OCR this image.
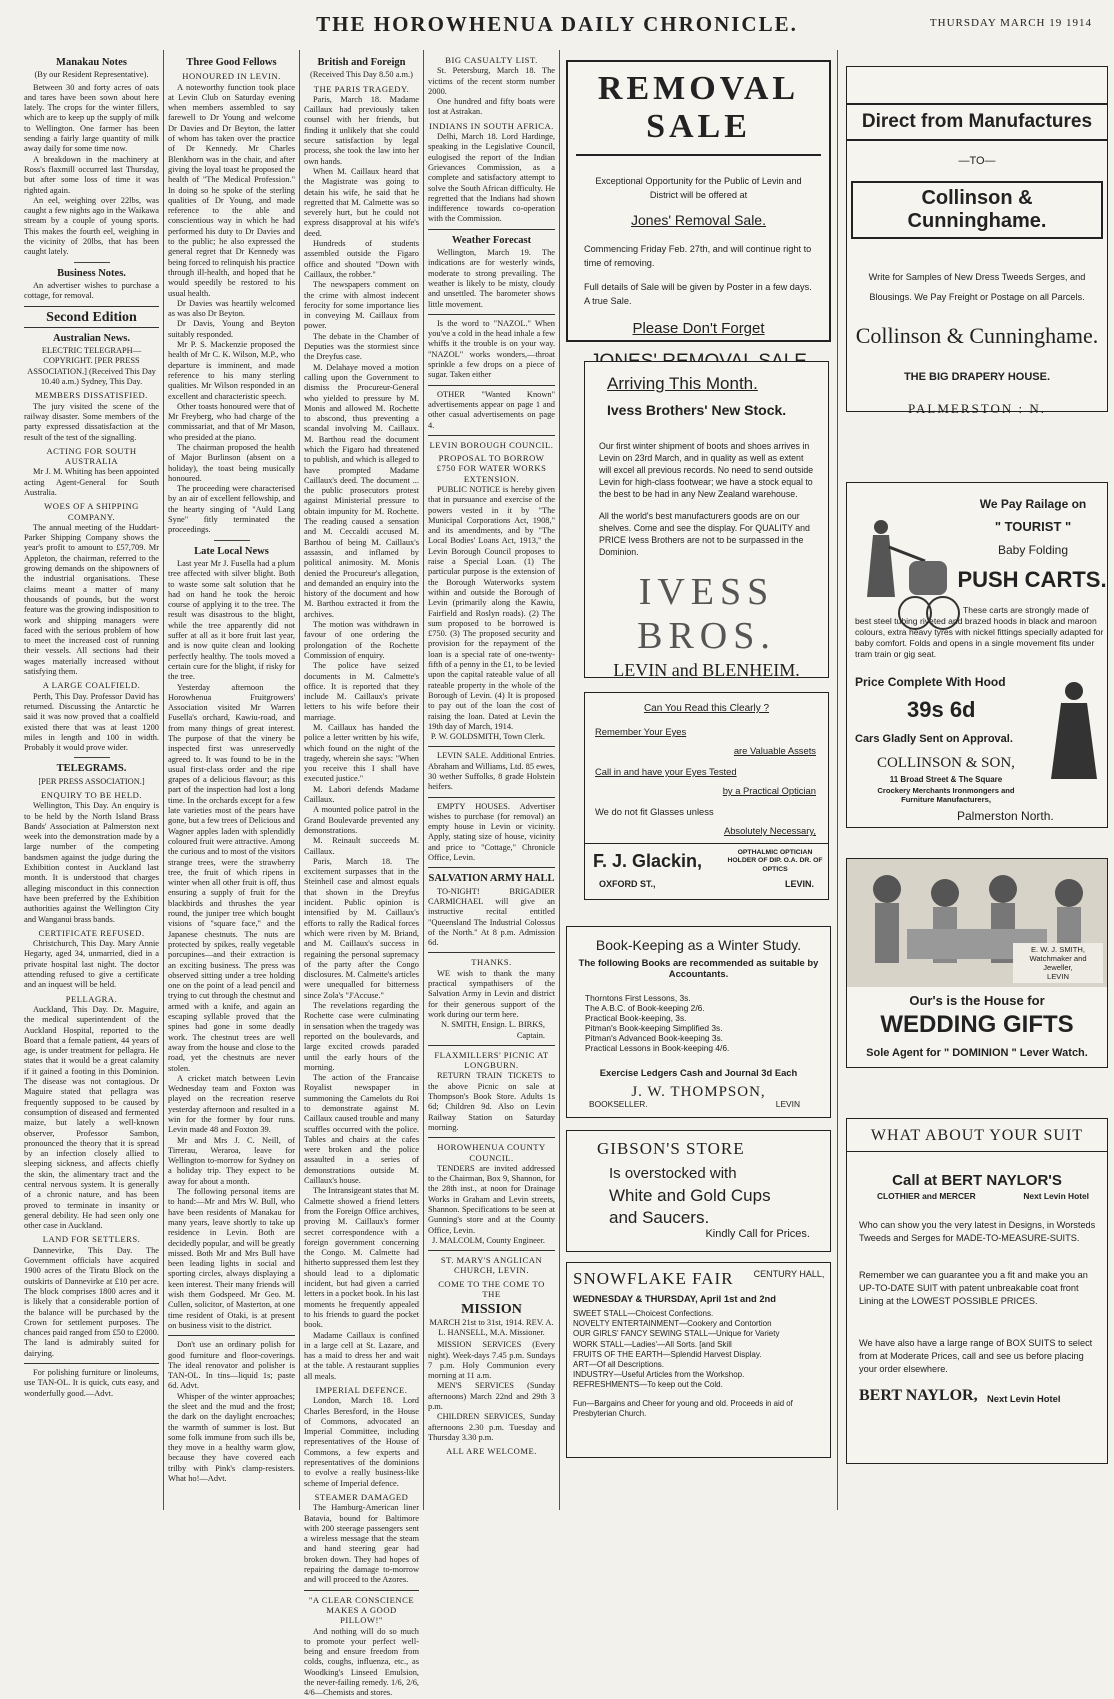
THE HOROWHENUA DAILY CHRONICLE.	THURSDAY MARCH 19 1914
Manakau Notes
(By our Resident Representative).

Between 30 and forty acres of oats and tares have been sown about here lately. The crops for the winter fillers, which are to keep up the supply of milk to Wellington. One farmer has been sending a fairly large quantity of milk away daily for some time now.

A breakdown in the machinery at Ross's flaxmill occurred last Thursday, but after some loss of time it was righted again.

An eel, weighing over 22lbs, was caught a few nights ago in the Waikawa stream by a couple of young sports. This makes the fourth eel, weighing in the vicinity of 20lbs, that has been caught lately.

Business Notes.

An advertiser wishes to purchase a cottage, for removal.

Second Edition
Australian News.

ELECTRIC TELEGRAPH—COPYRIGHT. [PER PRESS ASSOCIATION.] (Received This Day 10.40 a.m.) Sydney, This Day.

MEMBERS DISSATISFIED.

The jury visited the scene of the railway disaster. Some members of the party expressed dissatisfaction at the result of the test of the signalling.

ACTING FOR SOUTH AUSTRALIA

Mr J. M. Whiting has been appointed acting Agent-General for South Australia.

WOES OF A SHIPPING COMPANY.

The annual meeting of the Huddart-Parker Shipping Company shows the year's profit to amount to £57,709. Mr Appleton, the chairman, referred to the growing demands on the shipowners of the industrial organisations. These claims meant a matter of many thousands of pounds, but the worst feature was the growing indisposition to work and shipping managers were faced with the serious problem of how to meet the increased cost of running their vessels. All sections had their wages materially increased without satisfying them.

A LARGE COALFIELD.

Perth, This Day. Professor David has returned. Discussing the Antarctic he said it was now proved that a coalfield existed there that was at least 1200 miles in length and 100 in width. Probably it would prove wider.

TELEGRAMS.
[PER PRESS ASSOCIATION.]
ENQUIRY TO BE HELD.

Wellington, This Day. An enquiry is to be held by the North Island Brass Bands' Association at Palmerston next week into the demonstration made by a large number of the competing bandsmen against the judge during the Exhibition contest in Auckland last month. It is understood that charges alleging misconduct in this connection have been preferred by the Exhibition authorities against the Wellington City and Wanganui brass bands.

CERTIFICATE REFUSED.

Christchurch, This Day. Mary Annie Hegarty, aged 34, unmarried, died in a private hospital last night. The doctor attending refused to give a certificate and an inquest will be held.

PELLAGRA.

Auckland, This Day. Dr. Maguire, the medical superintendent of the Auckland Hospital, reported to the Board that a female patient, 44 years of age, is under treatment for pellagra. He states that it would be a great calamity if it gained a footing in this Dominion. The disease was not contagious. Dr Maguire stated that pellagra was frequently supposed to be caused by consumption of diseased and fermented maize, but lately a well-known observer, Professor Sambon, pronounced the theory that it is spread by an infection closely allied to sleeping sickness, and affects chiefly the skin, the alimentary tract and the central nervous system. It is generally of a chronic nature, and has been proved to terminate in insanity or general debility. He had seen only one other case in Auckland.

LAND FOR SETTLERS.

Dannevirke, This Day. The Government officials have acquired 1900 acres of the Tiratu Block on the outskirts of Dannevirke at £10 per acre. The block comprises 1800 acres and it is likely that a considerable portion of the balance will be purchased by the Crown for settlement purposes. The chances paid ranged from £50 to £2000. The land is admirably suited for dairying.

For polishing furniture or linoleums, use TAN-OL. It is quick, cuts easy, and wonderfully good.—Advt.

Three Good Fellows
HONOURED IN LEVIN.

A noteworthy function took place at Levin Club on Saturday evening when members assembled to say farewell to Dr Young and welcome Dr Davies and Dr Beyton, the latter of whom has taken over the practice of Dr Kennedy. Mr Charles Blenkhorn was in the chair, and after giving the loyal toast he proposed the health of "The Medical Profession." In doing so he spoke of the sterling qualities of Dr Young, and made reference to the able and conscientious way in which he had performed his duty to Dr Davies and to the public; he also expressed the general regret that Dr Kennedy was being forced to relinquish his practice through ill-health, and hoped that he would speedily be restored to his usual health.

Dr Davies was heartily welcomed as was also Dr Beyton.

Dr Davis, Young and Beyton suitably responded.

Mr P. S. Mackenzie proposed the health of Mr C. K. Wilson, M.P., who departure is imminent, and made reference to his many sterling qualities. Mr Wilson responded in an excellent and characteristic speech.

Other toasts honoured were that of Mr Freyberg, who had charge of the commissariat, and that of Mr Mason, who presided at the piano.

The chairman proposed the health of Major Burlinson (absent on a holiday), the toast being musically honoured.

The proceeding were characterised by an air of excellent fellowship, and the hearty singing of "Auld Lang Syne" fitly terminated the proceedings.

Late Local News

Last year Mr J. Fusella had a plum tree affected with silver blight. Both to waste some salt solution that he had on hand he took the heroic course of applying it to the tree. The result was disastrous to the blight, while the tree apparently did not suffer at all as it bore fruit last year, and is now quite clean and looking perfectly healthy. The tools moved a certain cure for the blight, if risky for the tree.

Yesterday afternoon the Horowhenua Fruitgrowers' Association visited Mr Warren Fusella's orchard, Kawiu-road, and from many things of great interest. The purpose of that the vinery be inspected first was unreservedly agreed to. It was found to be in the usual first-class order and the ripe grapes of a delicious flavour; as this part of the inspection had lost a long time. In the orchards except for a few late varieties most of the pears have gone, but a few trees of Delicious and Wagner apples laden with splendidly coloured fruit were attractive. Among the curious and to most of the visitors strange trees, were the strawberry tree, the fruit of which ripens in winter when all other fruit is off, thus ensuring a supply of fruit for the blackbirds and thrushes the year round, the juniper tree which bought visions of "square face," and the Japanese chestnuts. The nuts are protected by spikes, really vegetable porcupines—and their extraction is an exciting business. The press was observed sitting under a tree holding one on the point of a lead pencil and trying to cut through the chestnut and armed with a knife, and again an escaping syllable proved that the spines had gone in some deadly work. The chestnut trees are well away from the house and close to the road, yet the chestnuts are never stolen.

A cricket match between Levin Wednesday team and Foxton was played on the recreation reserve yesterday afternoon and resulted in a win for the former by four runs. Levin made 48 and Foxton 39.

Mr and Mrs J. C. Neill, of Tirrerau, Weraroa, leave for Wellington to-morrow for Sydney on a holiday trip. They expect to be away for about a month.

The following personal items are to hand:—Mr and Mrs W. Bull, who have been residents of Manakau for many years, leave shortly to take up residence in Levin. Both are decidedly popular, and will be greatly missed. Both Mr and Mrs Bull have been leading lights in social and sporting circles, always displaying a keen interest. Their many friends will wish them Godspeed. Mr Geo. M. Cullen, solicitor, of Masterton, at one time resident of Otaki, is at present on business visit to the district.

Don't use an ordinary polish for good furniture and floor-coverings. The ideal renovator and polisher is TAN-OL. In tins—liquid 1s; paste 6d. Advt.

Whisper of the winter approaches; the sleet and the mud and the frost; the dark on the daylight encroaches; the warmth of summer is lost. But some folk immune from such ills be, they move in a healthy warm glow, because they have covered each trilby with Pink's clamp-resisters. What ho!—Advt.

British and Foreign
(Received This Day 8.50 a.m.)
THE PARIS TRAGEDY.

Paris, March 18. Madame Caillaux had previously taken counsel with her friends, but finding it unlikely that she could secure satisfaction by legal process, she took the law into her own hands.

When M. Caillaux heard that the Magistrate was going to detain his wife, he said that he regretted that M. Calmette was so severely hurt, but he could not express disapproval at his wife's deed.

Hundreds of students assembled outside the Figaro office and shouted "Down with Caillaux, the robber."

The newspapers comment on the crime with almost indecent ferocity for some importance lies in conveying M. Caillaux from power.

The debate in the Chamber of Deputies was the stormiest since the Dreyfus case.

M. Delahaye moved a motion calling upon the Government to dismiss the Procureur-General who yielded to pressure by M. Monis and allowed M. Rochette to abscond, thus preventing a scandal involving M. Caillaux. M. Barthou read the document which the Figaro had threatened to publish, and which is alleged to have prompted Madame Caillaux's deed. The document ... the public prosecutors protest against Ministerial pressure to obtain impunity for M. Rochette. The reading caused a sensation and M. Ceccaldi accused M. Barthou of being M. Caillaux's assassin, and inflamed by political animosity. M. Monis denied the Procureur's allegation, and demanded an enquiry into the history of the document and how M. Barthou extracted it from the archives.

The motion was withdrawn in favour of one ordering the prolongation of the Rochette Commission of enquiry.

The police have seized documents in M. Calmette's office. It is reported that they include M. Caillaux's private letters to his wife before their marriage.

M. Caillaux has handed the police a letter written by his wife, which found on the night of the tragedy, wherein she says: "When you receive this I shall have executed justice."

M. Labori defends Madame Caillaux.

A mounted police patrol in the Grand Boulevarde prevented any demonstrations.

M. Reinault succeeds M. Caillaux.

Paris, March 18. The excitement surpasses that in the Steinheil case and almost equals that shown in the Dreyfus incident. Public opinion is intensified by M. Caillaux's efforts to rally the Radical forces which were riven by M. Briand, and M. Caillaux's success in regaining the personal supremacy of the party after the Congo disclosures. M. Calmette's articles were unequalled for bitterness since Zola's "J'Accuse."

The revelations regarding the Rochette case were culminating in sensation when the tragedy was reported on the boulevards, and large excited crowds paraded until the early hours of the morning.

The action of the Francaise Royalist newspaper in summoning the Camelots du Roi to demonstrate against M. Caillaux caused trouble and many scuffles occurred with the police. Tables and chairs at the cafes were broken and the police assaulted in a series of demonstrations outside M. Caillaux's house.

The Intransigeant states that M. Calmette showed a friend letters from the Foreign Office archives, proving M. Caillaux's former secret correspondence with a foreign government concerning the Congo. M. Calmette had hitherto suppressed them lest they should lead to a diplomatic incident, but had given a carried letters in a pocket book. In his last moments he frequently appealed to his friends to guard the pocket book.

Madame Caillaux is confined in a large cell at St. Lazare, and has a maid to dress her and wait at the table. A restaurant supplies all meals.

IMPERIAL DEFENCE.

London, March 18. Lord Charles Beresford, in the House of Commons, advocated an Imperial Committee, including representatives of the House of Commons, a few experts and representatives of the dominions to evolve a really business-like scheme of Imperial defence.

STEAMER DAMAGED

The Hamburg-American liner Batavia, bound for Baltimore with 200 steerage passengers sent a wireless message that the steam and hand steering gear had broken down. They had hopes of repairing the damage to-morrow and will proceed to the Azores.

"A CLEAR CONSCIENCE MAKES A GOOD PILLOW!"

And nothing will do so much to promote your perfect well-being and ensure freedom from colds, coughs, influenza, etc., as Woodking's Linseed Emulsion, the never-failing remedy. 1/6, 2/6, 4/6—Chemists and stores.

BIG CASUALTY LIST.

St. Petersburg, March 18. The victims of the recent storm number 2000.

One hundred and fifty boats were lost at Astrakan.

INDIANS IN SOUTH AFRICA.

Delhi, March 18. Lord Hardinge, speaking in the Legislative Council, eulogised the report of the Indian Grievances Commission, as a complete and satisfactory attempt to solve the South African difficulty. He regretted that the Indians had shown indifference towards co-operation with the Commission.

Weather Forecast

Wellington, March 19. The indications are for westerly winds, moderate to strong prevailing. The weather is likely to be misty, cloudy and unsettled. The barometer shows little movement.

Is the word to "NAZOL." When you've a cold in the head inhale a few whiffs it the trouble is on your way. "NAZOL" works wonders,—throat sprinkle a few drops on a piece of sugar. Taken either

OTHER "Wanted Known" advertisements appear on page 1 and other casual advertisements on page 4.

LEVIN BOROUGH COUNCIL.
PROPOSAL TO BORROW £750 FOR WATER WORKS EXTENSION.

PUBLIC NOTICE is hereby given that in pursuance and exercise of the powers vested in it by "The Municipal Corporations Act, 1908," and its amendments, and by "The Local Bodies' Loans Act, 1913," the Levin Borough Council proposes to raise a Special Loan. (1) The particular purpose is the extension of the Borough Waterworks system within and outside the Borough of Levin (primarily along the Kawiu, Fairfield and Roslyn roads). (2) The sum proposed to be borrowed is £750. (3) The proposed security and provision for the repayment of the loan is a special rate of one-twenty-fifth of a penny in the £1, to be levied upon the capital rateable value of all rateable property in the whole of the Borough of Levin. (4) It is proposed to pay out of the loan the cost of raising the loan. Dated at Levin the 19th day of March, 1914.

P. W. GOLDSMITH, Town Clerk.

LEVIN SALE. Additional Entries. Abraham and Williams, Ltd. 85 ewes, 30 wether Suffolks, 8 grade Holstein heifers.

EMPTY HOUSES. Advertiser wishes to purchase (for removal) an empty house in Levin or vicinity. Apply, stating size of house, vicinity and price to "Cottage," Chronicle Office, Levin.

SALVATION ARMY HALL

TO-NIGHT! BRIGADIER CARMICHAEL will give an instructive recital entitled "Queensland The Industrial Colossus of the North." At 8 p.m. Admission 6d.

THANKS.

WE wish to thank the many practical sympathisers of the Salvation Army in Levin and district for their generous support of the work during our term here.

N. SMITH, Ensign. L. BIRKS, Captain.
FLAXMILLERS' PICNIC AT LONGBURN.

RETURN TRAIN TICKETS to the above Picnic on sale at Thompson's Book Store. Adults 1s 6d; Children 9d. Also on Levin Railway Station on Saturday morning.

HOROWHENUA COUNTY COUNCIL.

TENDERS are invited addressed to the Chairman, Box 9, Shannon, for the 28th inst., at noon for Drainage Works in Graham and Levin streets, Shannon. Specifications to be seen at Gunning's store and at the County Office, Levin.

J. MALCOLM, County Engineer.
ST. MARY'S ANGLICAN CHURCH, LEVIN.
COME TO THE COME TO THE
MISSION

MARCH 21st to 31st, 1914. REV. A. L. HANSELL, M.A. Missioner.

MISSION SERVICES (Every night). Week-days 7.45 p.m. Sundays 7 p.m. Holy Communion every morning at 11 a.m.

MEN'S SERVICES (Sunday afternoons) March 22nd and 29th 3 p.m.

CHILDREN SERVICES, Sunday afternoons 2.30 p.m. Tuesday and Thursday 3.30 p.m.

ALL ARE WELCOME.
REMOVAL SALE
Exceptional Opportunity for the Public of Levin and District will be offered at
Jones' Removal Sale.
Commencing Friday Feb. 27th, and will continue right to time of removing.
Full details of Sale will be given by Poster in a few days. A true Sale.
Please Don't Forget
Direct from Manufactures
—TO—
Collinson & Cunninghame.
Write for Samples of New Dress Tweeds Serges, and Blousings. We Pay Freight or Postage on all Parcels.
Collinson & Cunninghame.
THE BIG DRAPERY HOUSE.
PALMERSTON : N.
Arriving This Month.
Ivess Brothers' New Stock.
Our first winter shipment of boots and shoes arrives in Levin on 23rd March, and in quality as well as extent will excel all previous records. No need to send outside Levin for high-class footwear; we have a stock equal to the best to be had in any New Zealand warehouse.
All the world's best manufacturers goods are on our shelves. Come and see the display. For QUALITY and PRICE Ivess Brothers are not to be surpassed in the Dominion.
IVESS BROS.
LEVIN and BLENHEIM.
We Pay Railage on
" TOURIST "
Baby Folding
PUSH CARTS.
These carts are strongly made of best steel tubing riveted and brazed hoods in black and maroon colours, extra heavy tyres with nickel fittings specially adapted for baby comfort. Folds and opens in a single movement fits under tram train or gig seat.
Price Complete With Hood
39s 6d
Cars Gladly Sent on Approval.
COLLINSON & SON,
11 Broad Street & The Square
Crockery Merchants Ironmongers and Furniture Manufacturers,
Palmerston North.
Can You Read this Clearly ?
Remember Your Eyes
are Valuable Assets
Call in and have your Eyes Tested
by a Practical Optician
We do not fit Glasses unless
Absolutely Necessary,
F. J. Glackin,	OPTHALMIC OPTICIAN HOLDER OF DIP. O.A. DR. OF OPTICS
OXFORD ST.,	LEVIN.
E. W. J. SMITH,
Watchmaker and Jeweller,
LEVIN
Our's is the House for
WEDDING GIFTS
Sole Agent for " DOMINION " Lever Watch.
Book-Keeping as a Winter Study.
The following Books are recommended as suitable by Accountants.
Thorntons First Lessons, 3s.
The A.B.C. of Book-keeping 2/6.
Practical Book-keeping, 3s.
Pitman's Book-keeping Simplified 3s.
Pitman's Advanced Book-keeping 3s.
Practical Lessons in Book-keeping 4/6.
Exercise Ledgers Cash and Journal 3d Each
J. W. THOMPSON,
BOOKSELLER.	LEVIN
GIBSON'S STORE
Is overstocked with
White and Gold Cups
and Saucers.
Kindly Call for Prices.
WHAT ABOUT YOUR SUIT
Call at BERT NAYLOR'S
CLOTHIER and MERCER	Next Levin Hotel
Who can show you the very latest in Designs, in Worsteds Tweeds and Serges for MADE-TO-MEASURE-SUITS.
Remember we can guarantee you a fit and make you an UP-TO-DATE SUIT with patent unbreakable coat front Lining at the LOWEST POSSIBLE PRICES.
We have also have a large range of BOX SUITS to select from at Moderate Prices, call and see us before placing your order elsewhere.
BERT NAYLOR, Next Levin Hotel
SNOWFLAKE FAIR CENTURY HALL,
WEDNESDAY & THURSDAY, April 1st and 2nd
SWEET STALL—Choicest Confections.
NOVELTY ENTERTAINMENT—Cookery and Contortion
OUR GIRLS' FANCY SEWING STALL—Unique for Variety
WORK STALL—Ladies'—All Sorts. [and Skill
FRUITS OF THE EARTH—Splendid Harvest Display.
ART—Of all Descriptions.
INDUSTRY—Useful Articles from the Workshop.
REFRESHMENTS—To keep out the Cold.
Fun—Bargains and Cheer for young and old. Proceeds in aid of Presbyterian Church.
